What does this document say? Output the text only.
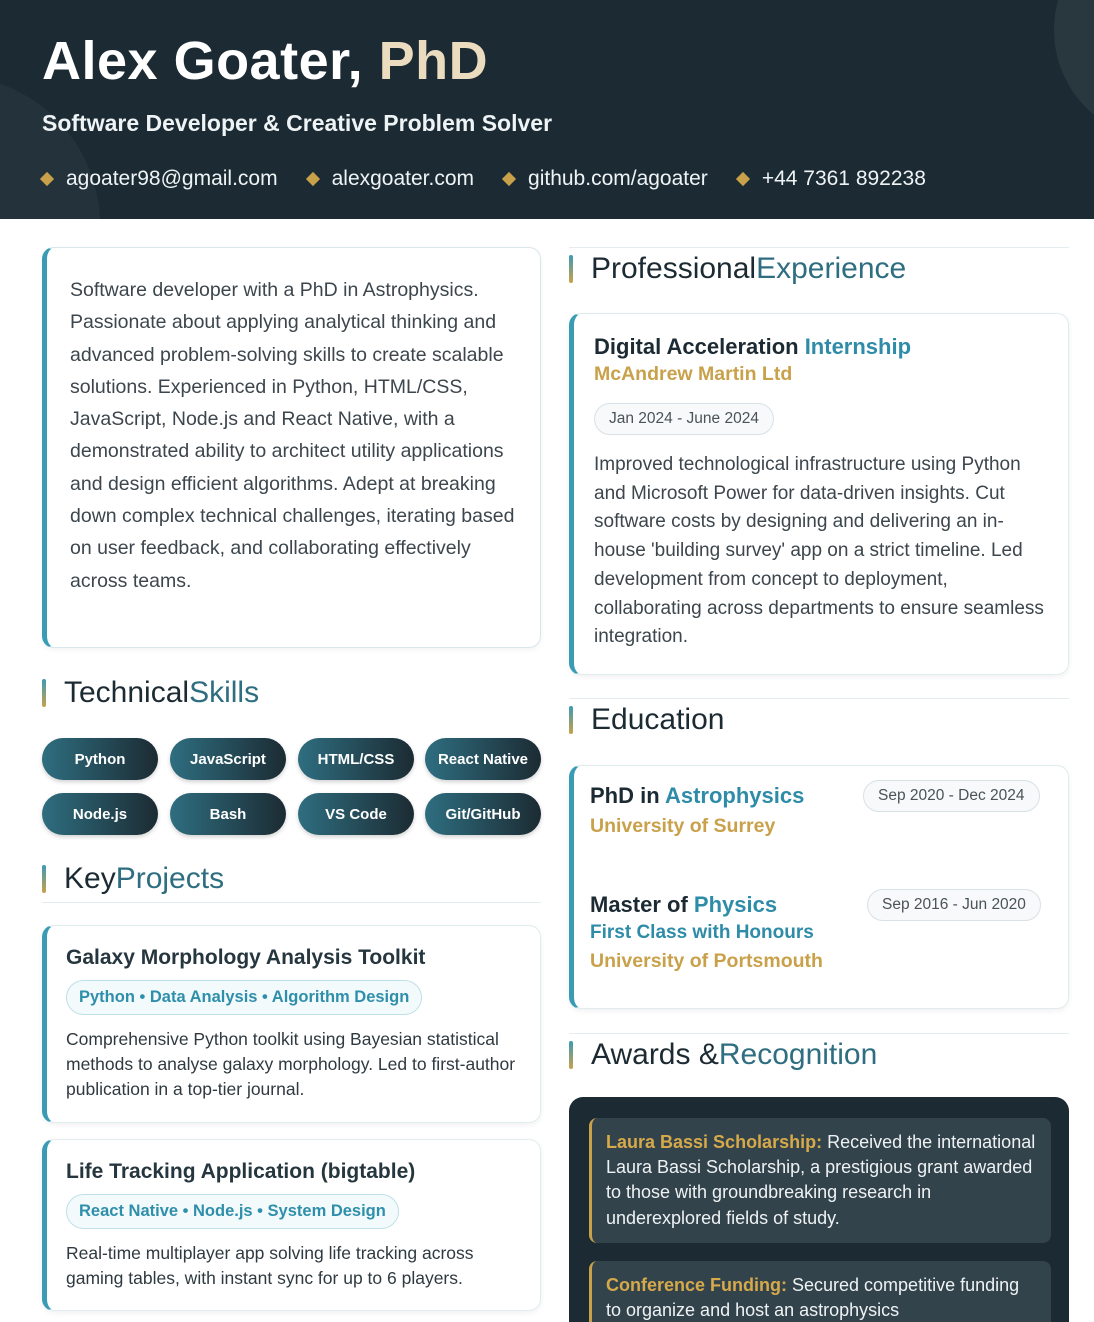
Alex Goater, PhD
Software Developer & Creative Problem Solver
agoater98@gmail.com	alexgoater.com	github.com/agoater	+44 7361 892238
Software developer with a PhD in Astrophysics. Passionate about applying analytical thinking and advanced problem-solving skills to create scalable solutions. Experienced in Python, HTML/CSS, JavaScript, Node.js and React Native, with a demonstrated ability to architect utility applications and design efficient algorithms. Adept at breaking down complex technical challenges, iterating based on user feedback, and collaborating effectively across teams.
Technical Skills
Python	JavaScript	HTML/CSS	React Native
Node.js	Bash	VS Code	Git/GitHub
Key Projects
Galaxy Morphology Analysis Toolkit
Python • Data Analysis • Algorithm Design
Comprehensive Python toolkit using Bayesian statistical methods to analyse galaxy morphology. Led to first-author publication in a top-tier journal.
Life Tracking Application (bigtable)
React Native • Node.js • System Design
Real-time multiplayer app solving life tracking across gaming tables, with instant sync for up to 6 players.
Professional Experience
Digital Acceleration Internship
McAndrew Martin Ltd
Jan 2024 - June 2024
Improved technological infrastructure using Python and Microsoft Power for data-driven insights. Cut software costs by designing and delivering an in-house 'building survey' app on a strict timeline. Led development from concept to deployment, collaborating across departments to ensure seamless integration.
Education
PhD in Astrophysics
University of Surrey
Sep 2020 - Dec 2024
Master of Physics
First Class with Honours
University of Portsmouth
Sep 2016 - Jun 2020
Awards & Recognition
Laura Bassi Scholarship: Received the international Laura Bassi Scholarship, a prestigious grant awarded to those with groundbreaking research in underexplored fields of study.
Conference Funding: Secured competitive funding to organize and host an astrophysics
